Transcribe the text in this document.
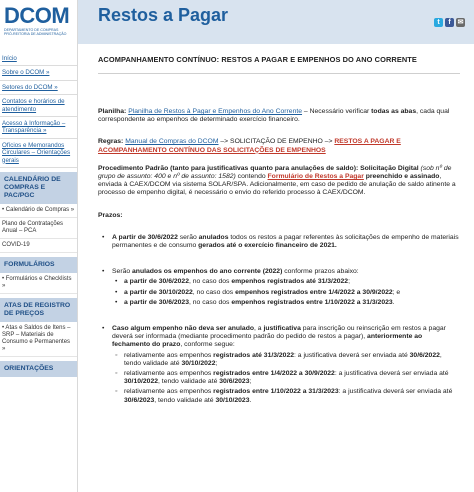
DCOM
DEPARTAMENTO DE COMPRAS
PRÓ-REITORIA DE ADMINISTRAÇÃO
Início
Sobre o DCOM »
Setores do DCOM »
Contatos e horários de atendimento
Acesso à Informação – Transparência »
Ofícios e Memorandos Circulares – Orientações gerais
CALENDÁRIO DE COMPRAS E PAC/PGC
• Calendário de Compras »
Plano de Contratações Anual – PCA
COVID-19
FORMULÁRIOS
• Formulários e Checklists »
ATAS DE REGISTRO DE PREÇOS
• Atas e Saldos de Itens – SRP – Materiais de Consumo e Permanentes »
ORIENTAÇÕES
Restos a Pagar	t	f ✉
ACOMPANHAMENTO CONTÍNUO: RESTOS A PAGAR E EMPENHOS DO ANO CORRENTE

Planilha: Planilha de Restos à Pagar e Empenhos do Ano Corrente – Necessário verificar todas as abas, cada qual correspondente ao empenhos de determinado exercício financeiro.

Regras: Manual de Compras do DCOM –> SOLICITAÇÃO DE EMPENHO –> RESTOS A PAGAR E ACOMPANHAMENTO CONTÍNUO DAS SOLICITAÇÕES DE EMPENHOS

Procedimento Padrão (tanto para justificativas quanto para anulações de saldo): Solicitação Digital (sob nº de grupo de assunto: 400 e nº de assunto: 1582) contendo Formulário de Restos a Pagar preenchido e assinado, enviada à CAEX/DCOM via sistema SOLAR/SPA. Adicionalmente, em caso de pedido de anulação de saldo atinente a processo de empenho digital, é necessário o envio do referido processo à CAEX/DCOM.

Prazos:

• A partir de 30/6/2022 serão anulados todos os restos a pagar referentes às solicitações de empenho de materiais permanentes e de consumo gerados até o exercício financeiro de 2021.
• Serão anulados os empenhos do ano corrente (2022) conforme prazos abaixo:
• a partir de 30/6/2022, no caso dos empenhos registrados até 31/3/2022;
• a partir de 30/10/2022, no caso dos empenhos registrados entre 1/4/2022 a 30/9/2022; e
• a partir de 30/6/2023, no caso dos empenhos registrados entre 1/10/2022 a 31/3/2023.
• Caso algum empenho não deva ser anulado, a justificativa para inscrição ou reinscrição em restos a pagar deverá ser informada (mediante procedimento padrão do pedido de restos a pagar), anteriormente ao fechamento do prazo, conforme segue:
◦ relativamente aos empenhos registrados até 31/3/2022: a justificativa deverá ser enviada até 30/6/2022, tendo validade até 30/10/2022;
◦ relativamente aos empenhos registrados entre 1/4/2022 a 30/9/2022: a justificativa deverá ser enviada até 30/10/2022, tendo validade até 30/6/2023;
◦ relativamente aos empenhos registrados entre 1/10/2022 a 31/3/2023: a justificativa deverá ser enviada até 30/6/2023, tendo validade até 30/10/2023.
